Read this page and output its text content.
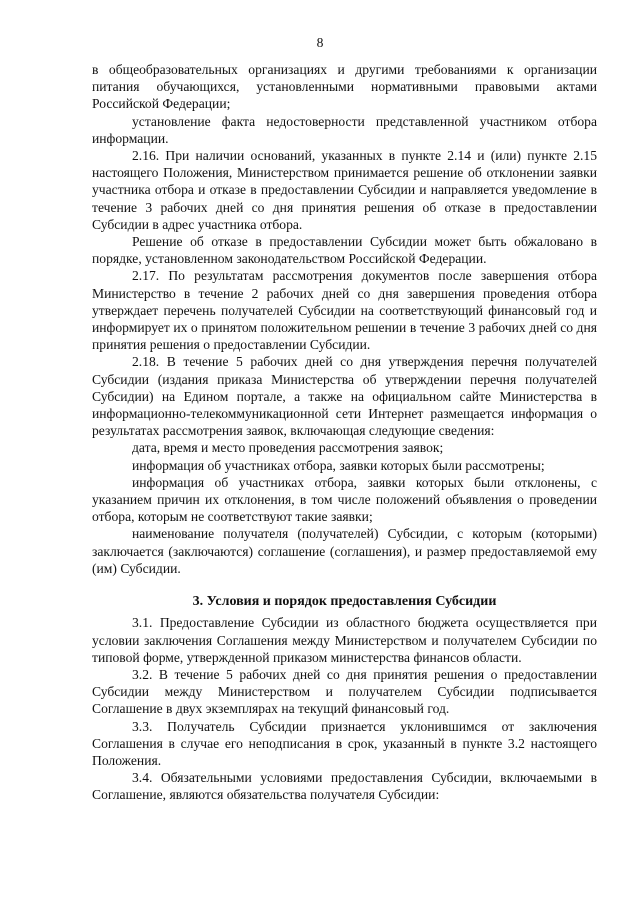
8

в общеобразовательных организациях и другими требованиями к организации питания обучающихся, установленными нормативными правовыми актами Российской Федерации;

установление факта недостоверности представленной участником отбора информации.

2.16. При наличии оснований, указанных в пункте 2.14 и (или) пункте 2.15 настоящего Положения, Министерством принимается решение об отклонении заявки участника отбора и отказе в предоставлении Субсидии и направляется уведомление в течение 3 рабочих дней со дня принятия решения об отказе в предоставлении Субсидии в адрес участника отбора.

Решение об отказе в предоставлении Субсидии может быть обжаловано в порядке, установленном законодательством Российской Федерации.

2.17. По результатам рассмотрения документов после завершения отбора Министерство в течение 2 рабочих дней со дня завершения проведения отбора утверждает перечень получателей Субсидии на соответствующий финансовый год и информирует их о принятом положительном решении в течение 3 рабочих дней со дня принятия решения о предоставлении Субсидии.

2.18. В течение 5 рабочих дней со дня утверждения перечня получателей Субсидии (издания приказа Министерства об утверждении перечня получателей Субсидии) на Едином портале, а также на официальном сайте Министерства в информационно-телекоммуникационной сети Интернет размещается информация о результатах рассмотрения заявок, включающая следующие сведения:

дата, время и место проведения рассмотрения заявок;

информация об участниках отбора, заявки которых были рассмотрены;

информация об участниках отбора, заявки которых были отклонены, с указанием причин их отклонения, в том числе положений объявления о проведении отбора, которым не соответствуют такие заявки;

наименование получателя (получателей) Субсидии, с которым (которыми) заключается (заключаются) соглашение (соглашения), и размер предоставляемой ему (им) Субсидии.

3. Условия и порядок предоставления Субсидии

3.1. Предоставление Субсидии из областного бюджета осуществляется при условии заключения Соглашения между Министерством и получателем Субсидии по типовой форме, утвержденной приказом министерства финансов области.

3.2. В течение 5 рабочих дней со дня принятия решения о предоставлении Субсидии между Министерством и получателем Субсидии подписывается Соглашение в двух экземплярах на текущий финансовый год.

3.3. Получатель Субсидии признается уклонившимся от заключения Соглашения в случае его неподписания в срок, указанный в пункте 3.2 настоящего Положения.

3.4. Обязательными условиями предоставления Субсидии, включаемыми в Соглашение, являются обязательства получателя Субсидии:
